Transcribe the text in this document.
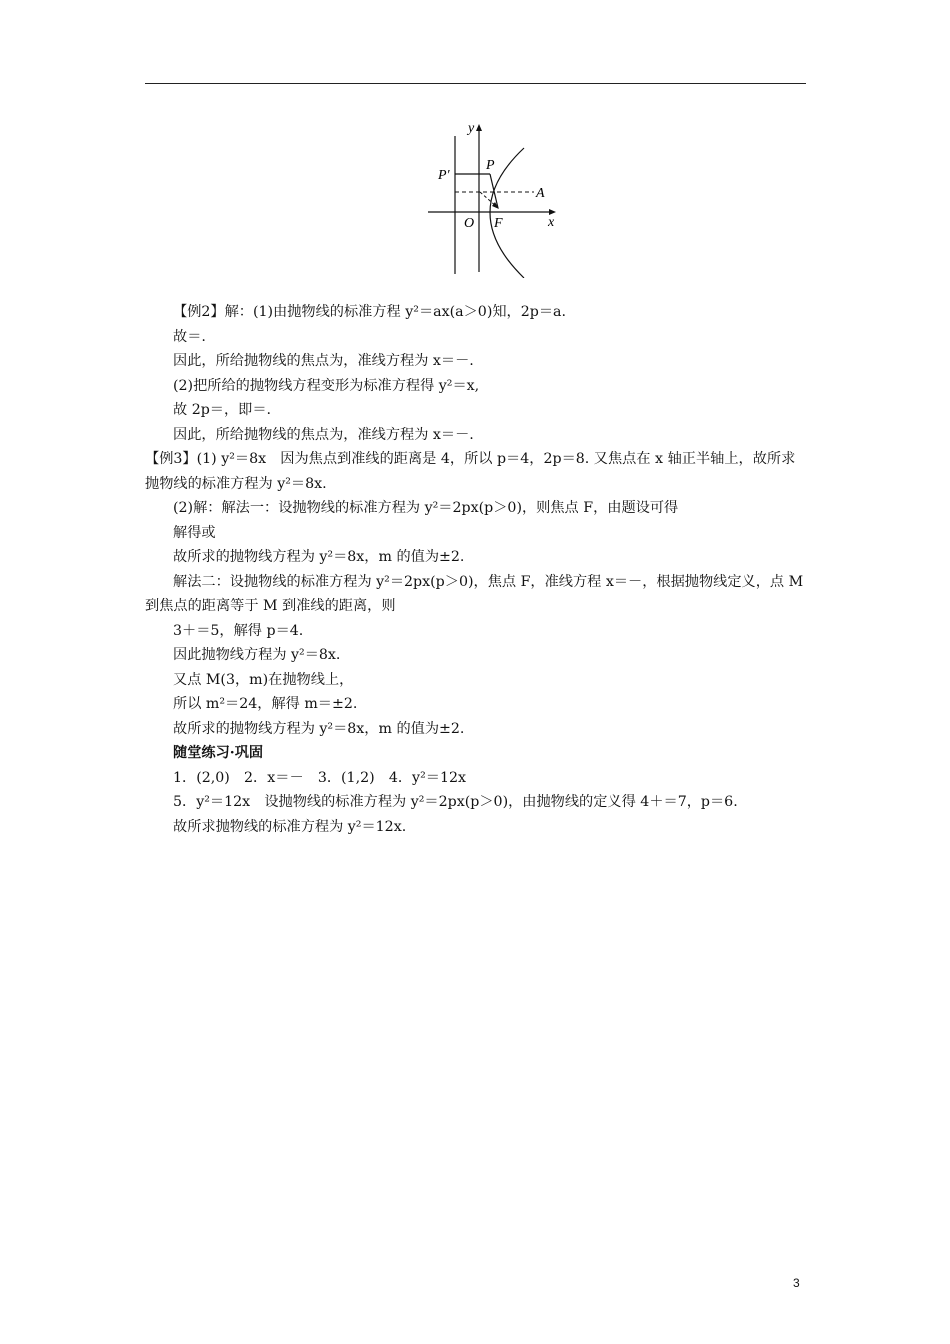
y
x
P′
P
A
O F
【例2】解：(1)由抛物线的标准方程 y²＝ax(a＞0)知，2p＝a.
故＝.
因此，所给抛物线的焦点为，准线方程为 x＝－.
(2)把所给的抛物线方程变形为标准方程得 y²＝x,
故 2p＝，即＝.
因此，所给抛物线的焦点为，准线方程为 x＝－.
【例3】(1) y²＝8x　因为焦点到准线的距离是 4，所以 p＝4，2p＝8. 又焦点在 x 轴正半轴上，故所求抛物线的标准方程为 y²＝8x.
(2)解：解法一：设抛物线的标准方程为 y²＝2px(p＞0)，则焦点 F，由题设可得
解得或
故所求的抛物线方程为 y²＝8x，m 的值为±2.
解法二：设抛物线的标准方程为 y²＝2px(p＞0)，焦点 F，准线方程 x＝－，根据抛物线定义，点 M 到焦点的距离等于 M 到准线的距离，则
3＋＝5，解得 p＝4.
因此抛物线方程为 y²＝8x.
又点 M(3，m)在抛物线上，
所以 m²＝24，解得 m＝±2.
故所求的抛物线方程为 y²＝8x，m 的值为±2.
随堂练习·巩固
1．(2,0)　2．x＝－　3．(1,2)　4．y²＝12x
5．y²＝12x　设抛物线的标准方程为 y²＝2px(p＞0)，由抛物线的定义得 4＋＝7，p＝6.
故所求抛物线的标准方程为 y²＝12x.
3
